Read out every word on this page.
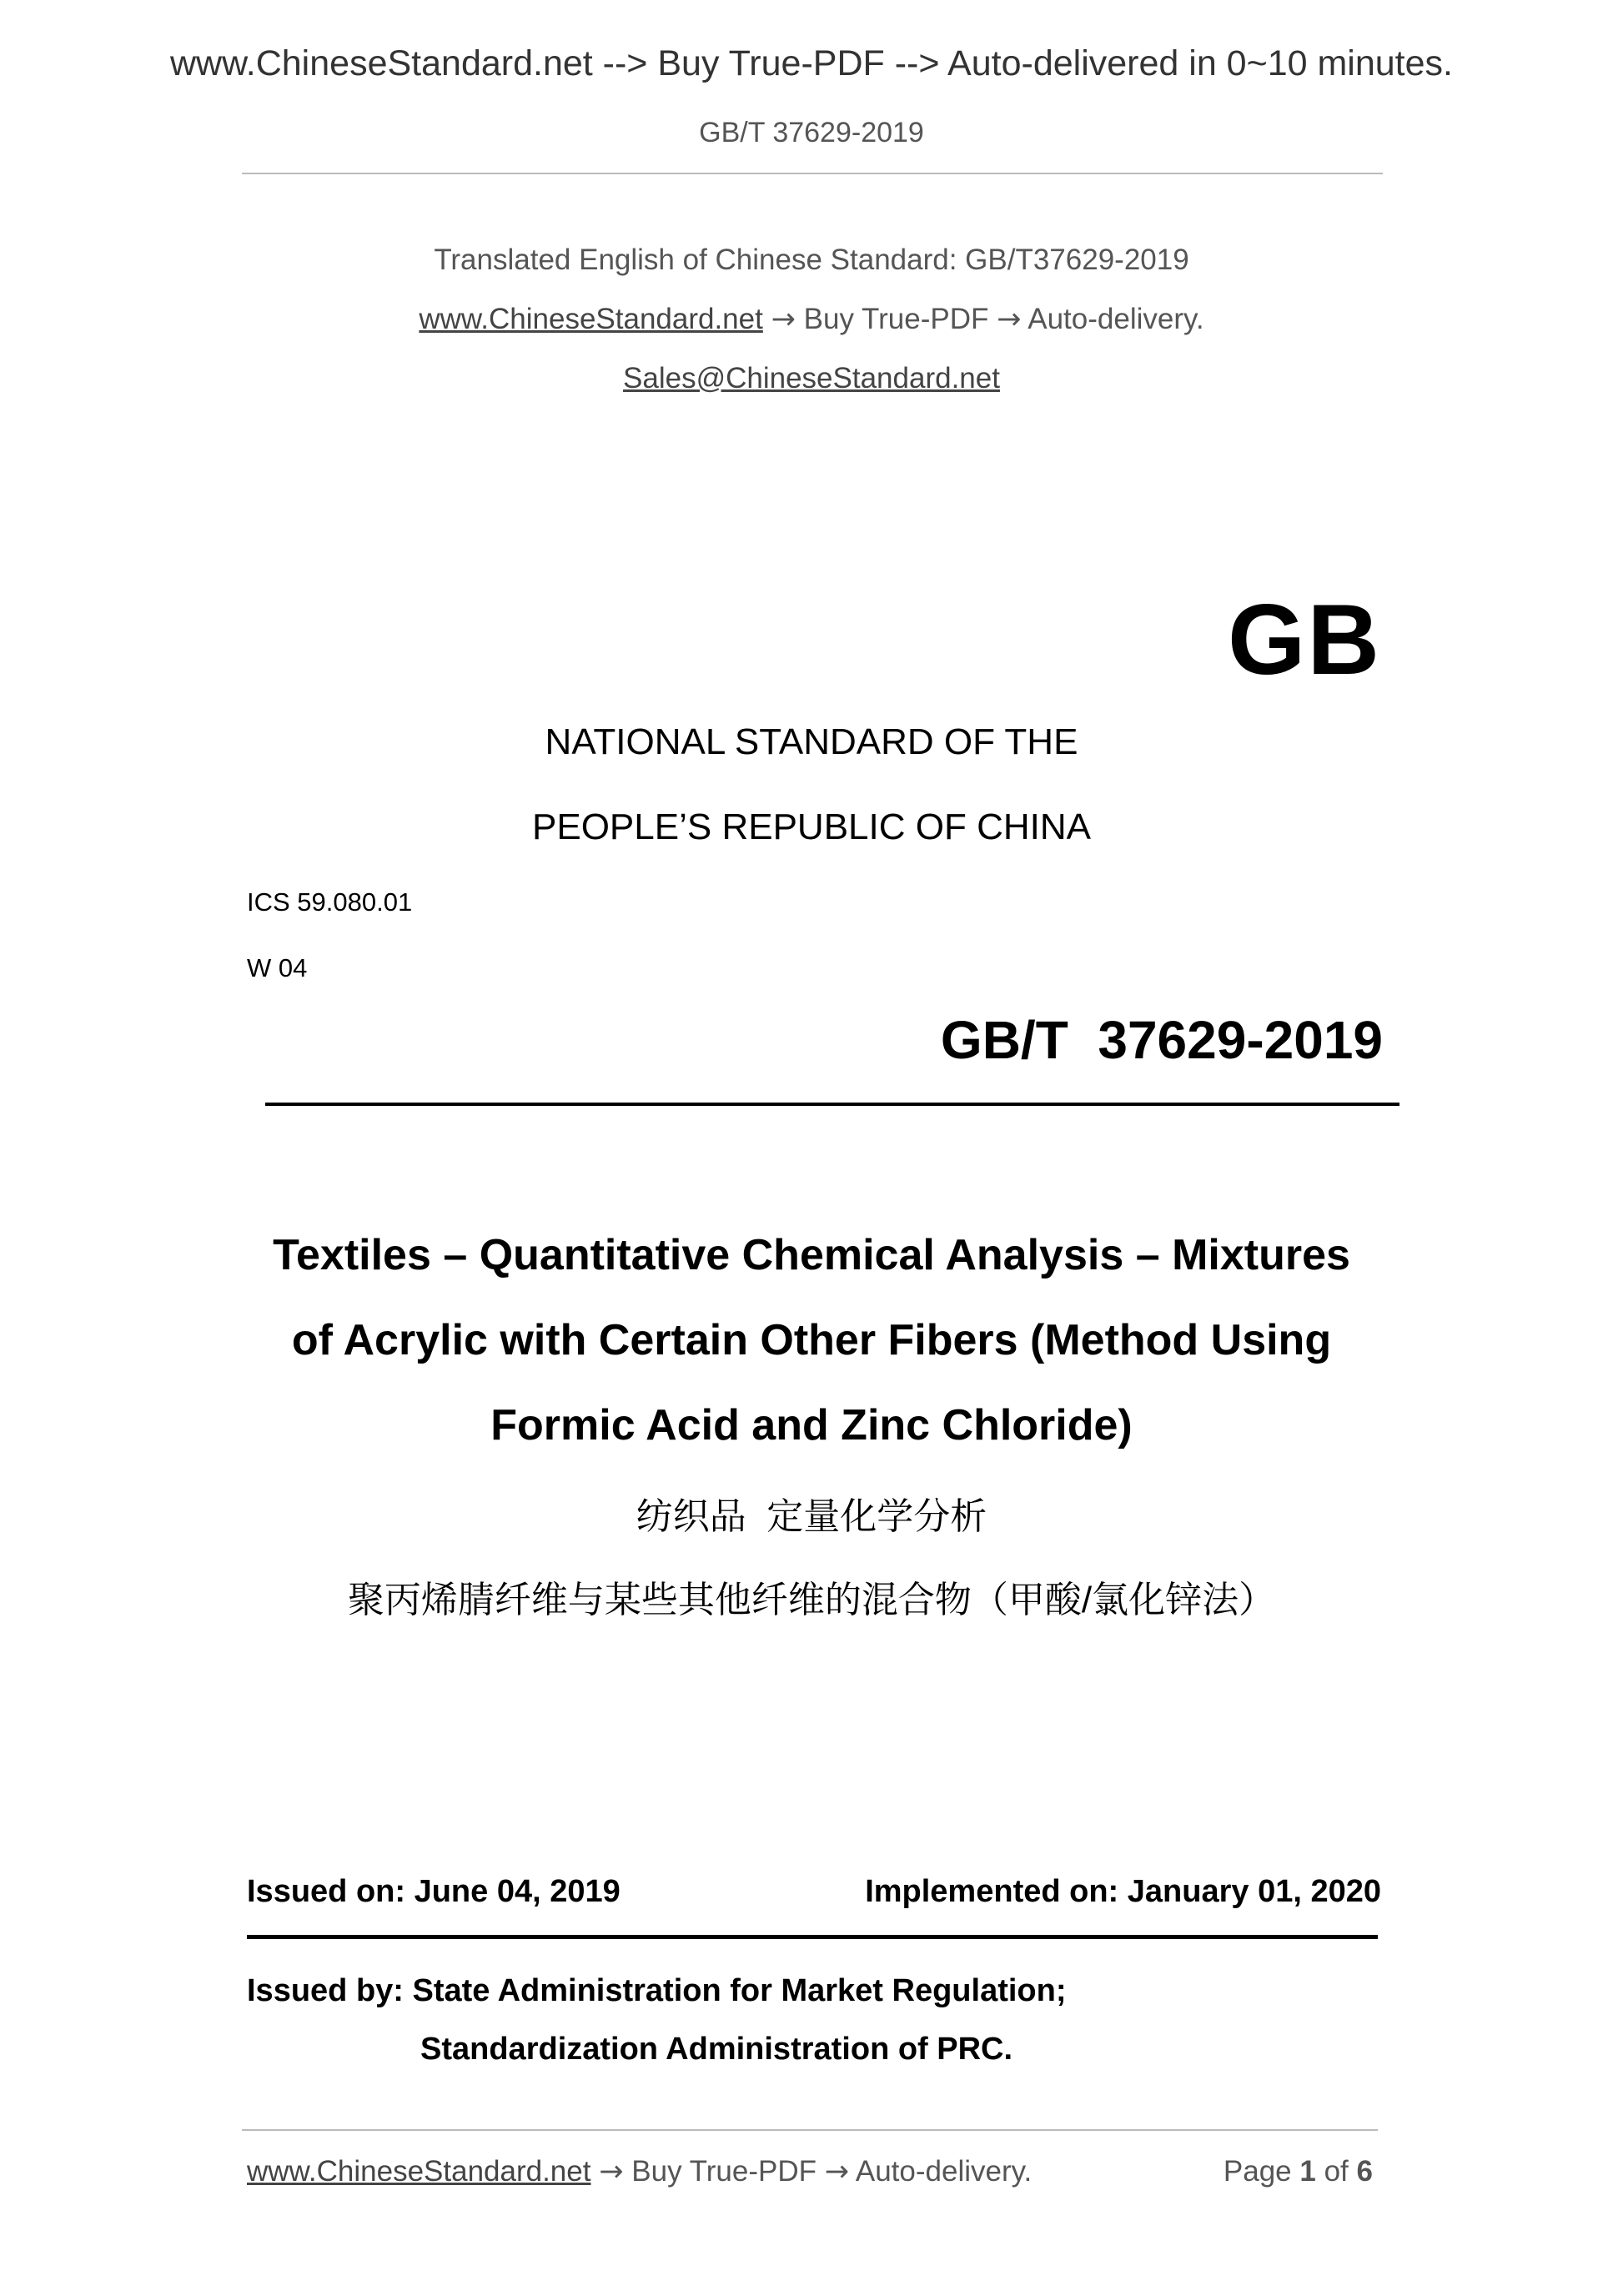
www.ChineseStandard.net --> Buy True-PDF --> Auto-delivered in 0~10 minutes.
GB/T 37629-2019
Translated English of Chinese Standard: GB/T37629-2019
www.ChineseStandard.net → Buy True-PDF → Auto-delivery.
Sales@ChineseStandard.net
GB
NATIONAL STANDARD OF THE
PEOPLE’S REPUBLIC OF CHINA
ICS 59.080.01
W 04
GB/T  37629-2019
Textiles – Quantitative Chemical Analysis – Mixtures
of Acrylic with Certain Other Fibers (Method Using
Formic Acid and Zinc Chloride)
纺织品  定量化学分析
聚丙烯腈纤维与某些其他纤维的混合物（甲酸/氯化锌法）
Issued on: June 04, 2019	Implemented on: January 01, 2020
Issued by: State Administration for Market Regulation;
Standardization Administration of PRC.
www.ChineseStandard.net → Buy True-PDF → Auto-delivery.	Page 1 of 6
